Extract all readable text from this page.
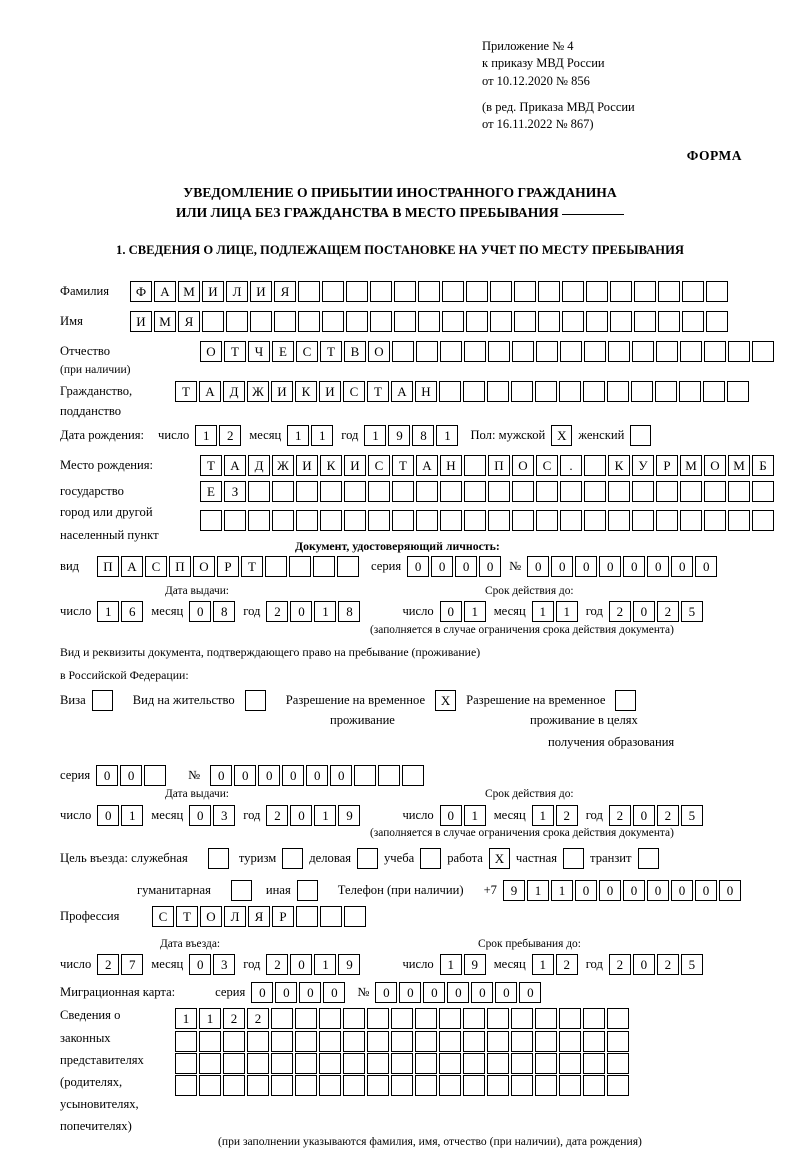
Приложение № 4
к приказу МВД России
от 10.12.2020 № 856
(в ред. Приказа МВД России
от 16.11.2022 № 867)
ФОРМА
УВЕДОМЛЕНИЕ О ПРИБЫТИИ ИНОСТРАННОГО ГРАЖДАНИНА
ИЛИ ЛИЦА БЕЗ ГРАЖДАНСТВА В МЕСТО ПРЕБЫВАНИЯ
1. СВЕДЕНИЯ О ЛИЦЕ, ПОДЛЕЖАЩЕМ ПОСТАНОВКЕ НА УЧЕТ ПО МЕСТУ ПРЕБЫВАНИЯ
Фамилия	Ф	А	М	И	Л	И	Я
Имя	И	М	Я
Отчество	О	Т	Ч	Е	С	Т	В	О
(при наличии)
Гражданство,	Т	А	Д	Ж	И	К	И	С	Т	А	Н
подданство
Дата рождения: число	1	2	месяц	1	1	год	1	9	8	1	Пол: мужской X женский
Место рождения:	Т	А	Д	Ж	И	К	И	С	Т	А	Н	П	О	С	.	К	У	Р	М	О	М	Б
государство	Е	З
город или другой
населенный пункт
Документ, удостоверяющий личность:
вид	П	А	С	П	О	Р	Т	серия	0	0	0	0	№	0	0	0	0	0	0	0	0
Дата выдачи:	Срок действия до:
число	1	6	месяц	0	8	год	2	0	1	8	число	0	1	месяц	1	1	год	2	0	2	5
(заполняется в случае ограничения срока действия документа)
Вид и реквизиты документа, подтверждающего право на пребывание (проживание)
в Российской Федерации:
Виза	Вид на жительство	Разрешение на временное	X	Разрешение на временное
проживание	проживание в целях
получения образования
серия	0	0	№	0	0	0	0	0	0
Дата выдачи:	Срок действия до:
число	0	1	месяц	0	3	год	2	0	1	9	число	0	1	месяц	1	2	год	2	0	2	5
(заполняется в случае ограничения срока действия документа)
Цель въезда: служебная	туризм	деловая	учеба	работа X частная	транзит
гуманитарная	иная	Телефон (при наличии) +7	9	1	1	0	0	0	0	0	0	0
Профессия	С	Т	О	Л	Я	Р
Дата въезда:	Срок пребывания до:
число	2	7	месяц	0	3	год	2	0	1	9	число	1	9	месяц	1	2	год	2	0	2	5
Миграционная карта:	серия	0	0	0	0	№	0	0	0	0	0	0	0
Сведения о
законных
представителях
(родителях,
усыновителях,
попечителях)
1	1	2	2
(при заполнении указываются фамилия, имя, отчество (при наличии), дата рождения)
